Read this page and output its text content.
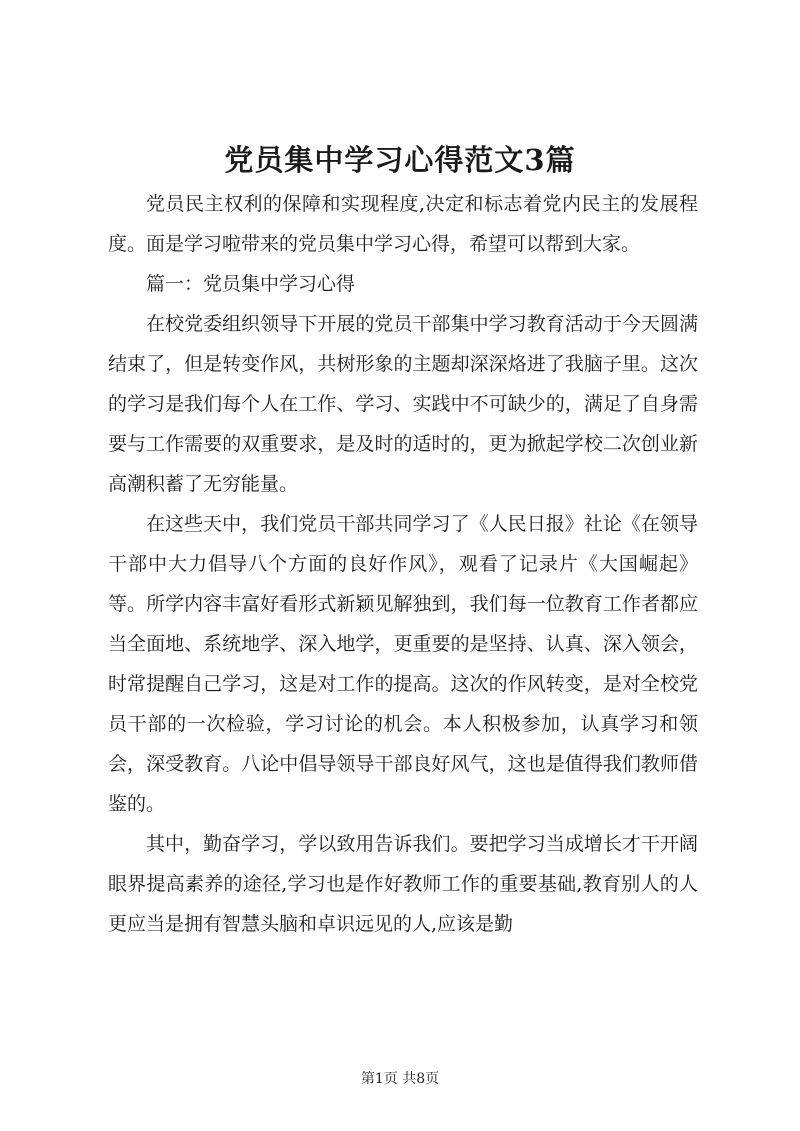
党员集中学习心得范文3篇

党员民主权利的保障和实现程度,决定和标志着党内民主的发展程度。面是学习啦带来的党员集中学习心得，希望可以帮到大家。

篇一：党员集中学习心得

在校党委组织领导下开展的党员干部集中学习教育活动于今天圆满结束了，但是转变作风，共树形象的主题却深深烙进了我脑子里。这次的学习是我们每个人在工作、学习、实践中不可缺少的，满足了自身需要与工作需要的双重要求，是及时的适时的，更为掀起学校二次创业新高潮积蓄了无穷能量。

在这些天中，我们党员干部共同学习了《人民日报》社论《在领导干部中大力倡导八个方面的良好作风》，观看了记录片《大国崛起》等。所学内容丰富好看形式新颖见解独到，我们每一位教育工作者都应当全面地、系统地学、深入地学，更重要的是坚持、认真、深入领会，时常提醒自己学习，这是对工作的提高。这次的作风转变，是对全校党员干部的一次检验，学习讨论的机会。本人积极参加，认真学习和领会，深受教育。八论中倡导领导干部良好风气，这也是值得我们教师借鉴的。

其中，勤奋学习，学以致用告诉我们。要把学习当成增长才干开阔眼界提高素养的途径,学习也是作好教师工作的重要基础,教育别人的人更应当是拥有智慧头脑和卓识远见的人,应该是勤

第1页 共8页
